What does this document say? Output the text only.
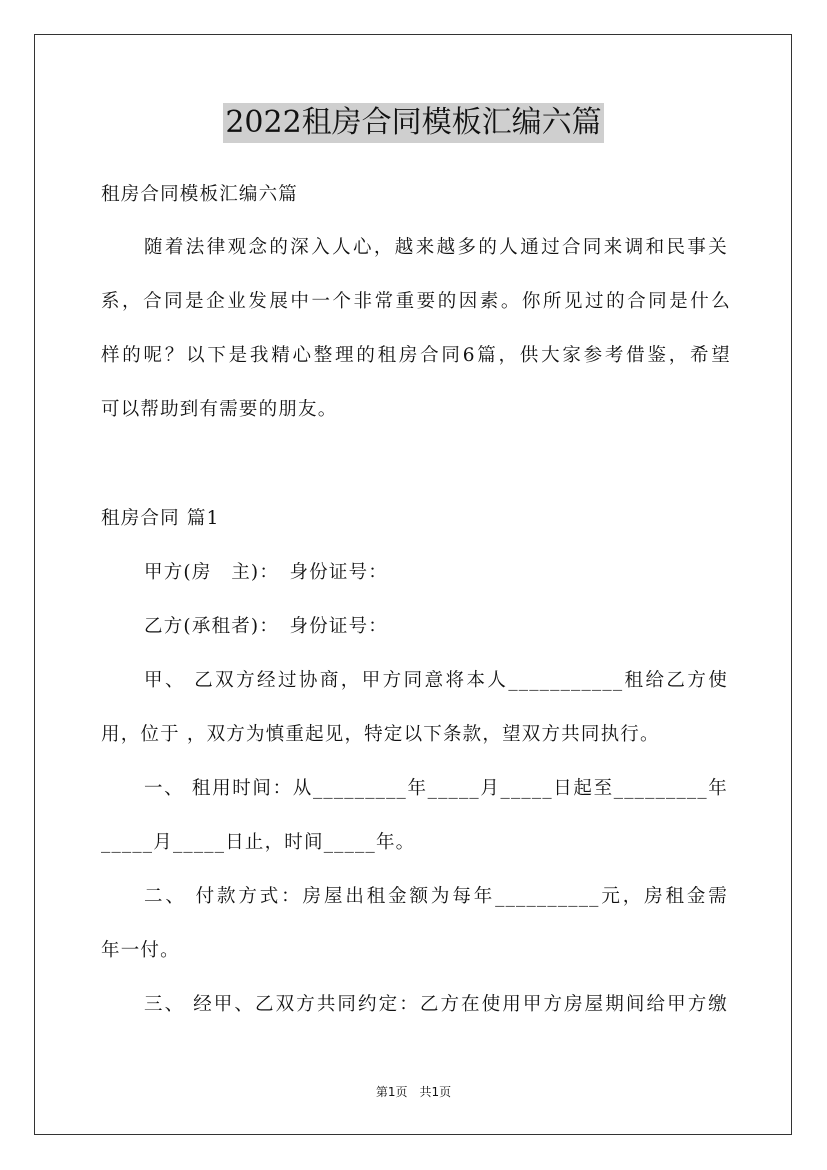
2022租房合同模板汇编六篇
租房合同模板汇编六篇
随着法律观念的深入人心，越来越多的人通过合同来调和民事关
系，合同是企业发展中一个非常重要的因素。你所见过的合同是什么
样的呢？以下是我精心整理的租房合同6篇，供大家参考借鉴，希望
可以帮助到有需要的朋友。
租房合同 篇1
甲方(房　主)：　身份证号：
乙方(承租者)：　身份证号：
甲、 乙双方经过协商，甲方同意将本人___________租给乙方使
用，位于 ，双方为慎重起见，特定以下条款，望双方共同执行。
一、 租用时间：从_________年_____月_____日起至_________年
_____月_____日止，时间_____年。
二、 付款方式：房屋出租金额为每年__________元，房租金需
年一付。
三、 经甲、乙双方共同约定：乙方在使用甲方房屋期间给甲方缴
第1页　共1页
